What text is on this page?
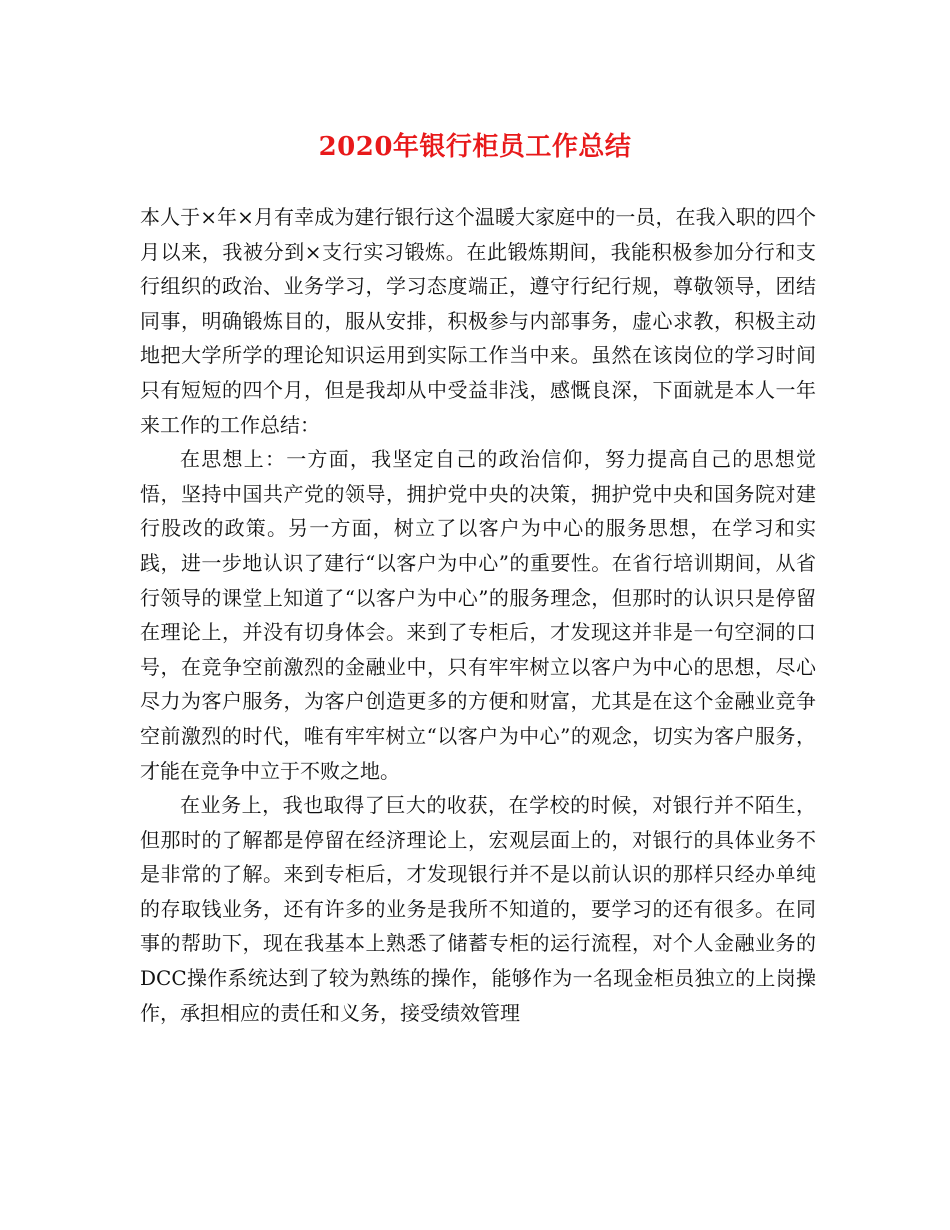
2020年银行柜员工作总结

本人于×年×月有幸成为建行银行这个温暖大家庭中的一员，在我入职的四个月以来，我被分到×支行实习锻炼。在此锻炼期间，我能积极参加分行和支行组织的政治、业务学习，学习态度端正，遵守行纪行规，尊敬领导，团结同事，明确锻炼目的，服从安排，积极参与内部事务，虚心求教，积极主动地把大学所学的理论知识运用到实际工作当中来。虽然在该岗位的学习时间只有短短的四个月，但是我却从中受益非浅，感慨良深，下面就是本人一年来工作的工作总结：

在思想上：一方面，我坚定自己的政治信仰，努力提高自己的思想觉悟，坚持中国共产党的领导，拥护党中央的决策，拥护党中央和国务院对建行股改的政策。另一方面，树立了以客户为中心的服务思想，在学习和实践，进一步地认识了建行“以客户为中心”的重要性。在省行培训期间，从省行领导的课堂上知道了“以客户为中心”的服务理念，但那时的认识只是停留在理论上，并没有切身体会。来到了专柜后，才发现这并非是一句空洞的口号，在竞争空前激烈的金融业中，只有牢牢树立以客户为中心的思想，尽心尽力为客户服务，为客户创造更多的方便和财富，尤其是在这个金融业竞争空前激烈的时代，唯有牢牢树立“以客户为中心”的观念，切实为客户服务，才能在竞争中立于不败之地。

在业务上，我也取得了巨大的收获，在学校的时候，对银行并不陌生，但那时的了解都是停留在经济理论上，宏观层面上的，对银行的具体业务不是非常的了解。来到专柜后，才发现银行并不是以前认识的那样只经办单纯的存取钱业务，还有许多的业务是我所不知道的，要学习的还有很多。在同事的帮助下，现在我基本上熟悉了储蓄专柜的运行流程，对个人金融业务的DCC操作系统达到了较为熟练的操作，能够作为一名现金柜员独立的上岗操作，承担相应的责任和义务，接受绩效管理
